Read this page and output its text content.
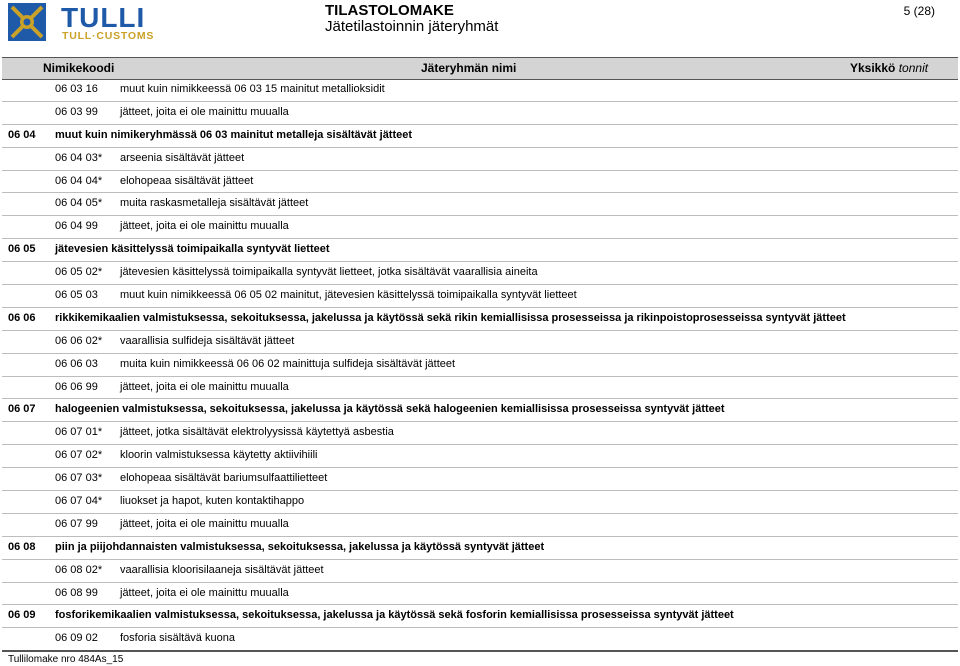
TULLI
TULL·CUSTOMS
TILASTOLOMAKE
Jätetilastoinnin jäteryhmät
5 (28)
Nimikekoodi	Jäteryhmän nimi	Yksikkö tonnit
06 03 16 muut kuin nimikkeessä 06 03 15 mainitut metallioksidit
06 03 99 jätteet, joita ei ole mainittu muualla
06 04 muut kuin nimikeryhmässä 06 03 mainitut metalleja sisältävät jätteet
06 04 03* arseenia sisältävät jätteet
06 04 04* elohopeaa sisältävät jätteet
06 04 05* muita raskasmetalleja sisältävät jätteet
06 04 99 jätteet, joita ei ole mainittu muualla
06 05 jätevesien käsittelyssä toimipaikalla syntyvät lietteet
06 05 02* jätevesien käsittelyssä toimipaikalla syntyvät lietteet, jotka sisältävät vaarallisia aineita
06 05 03 muut kuin nimikkeessä 06 05 02 mainitut, jätevesien käsittelyssä toimipaikalla syntyvät lietteet
06 06 rikkikemikaalien valmistuksessa, sekoituksessa, jakelussa ja käytössä sekä rikin kemiallisissa prosesseissa ja rikinpoistoprosesseissa syntyvät jätteet
06 06 02* vaarallisia sulfideja sisältävät jätteet
06 06 03 muita kuin nimikkeessä 06 06 02 mainittuja sulfideja sisältävät jätteet
06 06 99 jätteet, joita ei ole mainittu muualla
06 07 halogeenien valmistuksessa, sekoituksessa, jakelussa ja käytössä sekä halogeenien kemiallisissa prosesseissa syntyvät jätteet
06 07 01* jätteet, jotka sisältävät elektrolyysissä käytettyä asbestia
06 07 02* kloorin valmistuksessa käytetty aktiivihiili
06 07 03* elohopeaa sisältävät bariumsulfaattilietteet
06 07 04* liuokset ja hapot, kuten kontaktihappo
06 07 99 jätteet, joita ei ole mainittu muualla
06 08 piin ja piijohdannaisten valmistuksessa, sekoituksessa, jakelussa ja käytössä syntyvät jätteet
06 08 02* vaarallisia kloorisilaaneja sisältävät jätteet
06 08 99 jätteet, joita ei ole mainittu muualla
06 09 fosforikemikaalien valmistuksessa, sekoituksessa, jakelussa ja käytössä sekä fosforin kemiallisissa prosesseissa syntyvät jätteet
06 09 02 fosforia sisältävä kuona
Tullilomake nro 484As_15
